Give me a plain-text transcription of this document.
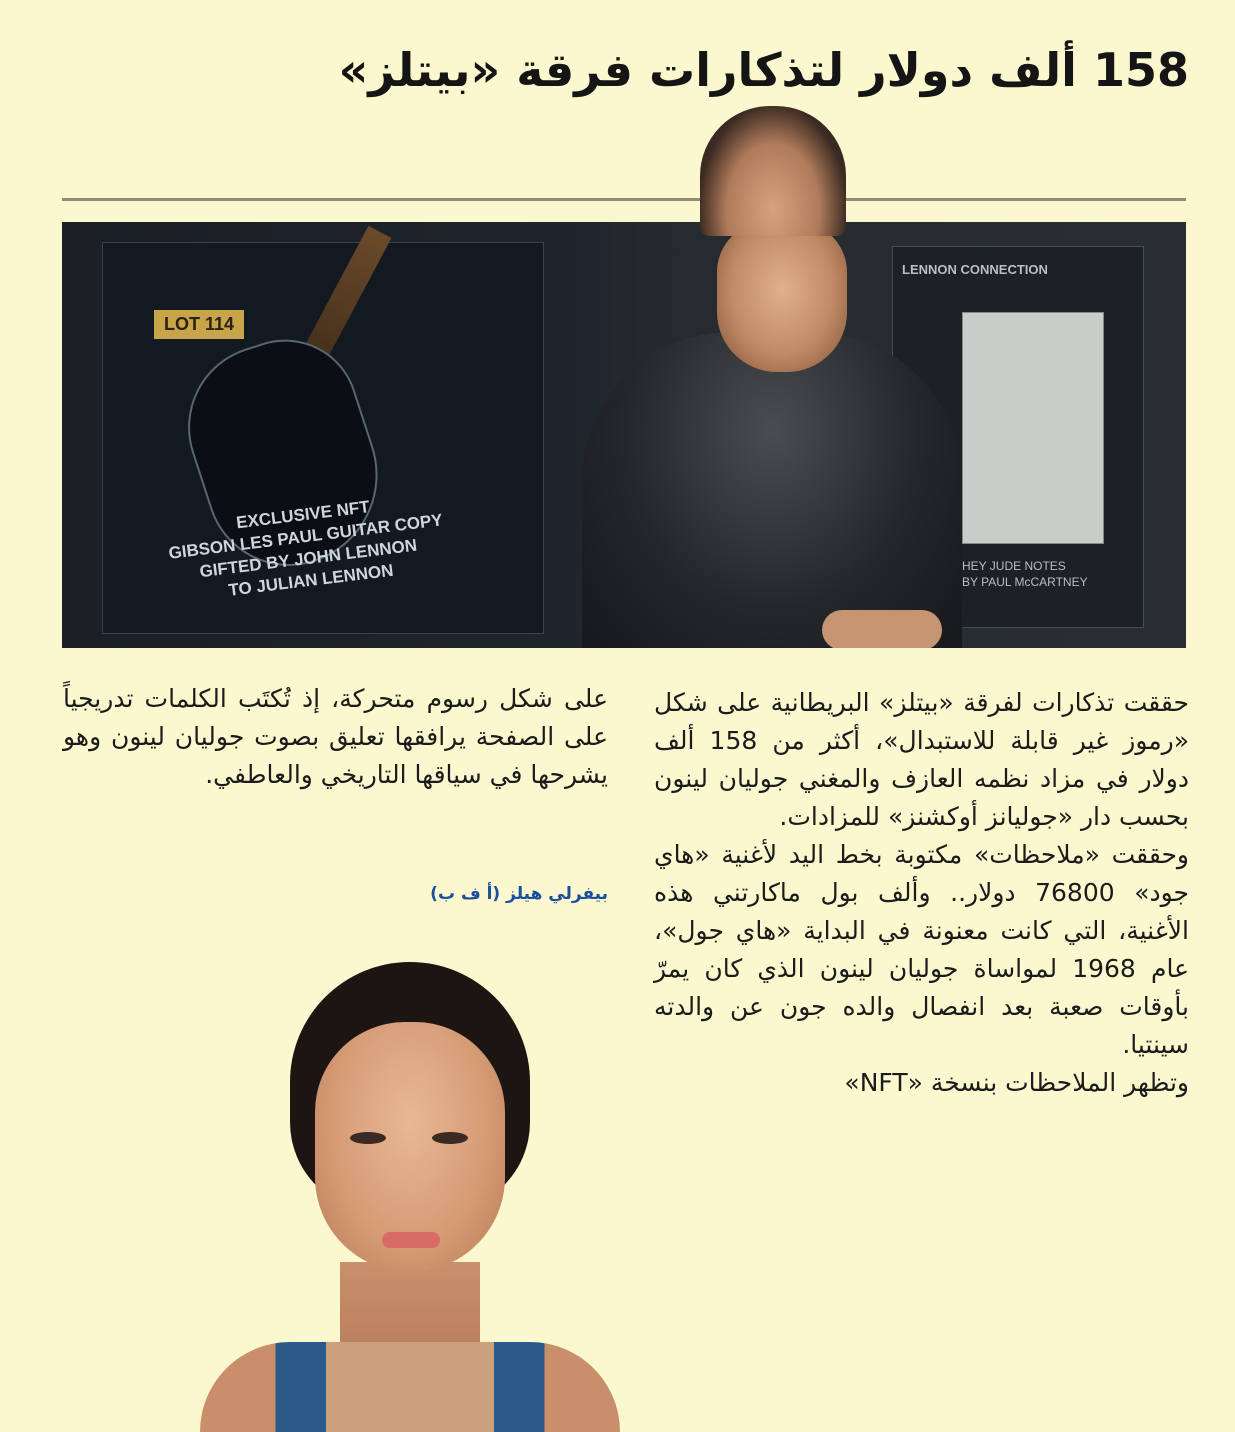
158 ألف دولار لتذكارات فرقة «بيتلز»
LOT 114
EXCLUSIVE NFT
GIBSON LES PAUL GUITAR COPY
GIFTED BY JOHN LENNON
TO JULIAN LENNON
LENNON CONNECTION
HEY JUDE NOTES
BY PAUL McCARTNEY

حققت تذكارات لفرقة «بيتلز» البريطانية على شكل «رموز غير قابلة للاستبدال»، أكثر من 158 ألف دولار في مزاد نظمه العازف والمغني جوليان لينون بحسب دار «جوليانز أوكشنز» للمزادات.
وحققت «ملاحظات» مكتوبة بخط اليد لأغنية «هاي جود» 76800 دولار.. وألف بول ماكارتني هذه الأغنية، التي كانت معنونة في البداية «هاي جول»، عام 1968 لمواساة جوليان لينون الذي كان يمرّ بأوقات صعبة بعد انفصال والده جون عن والدته سينتيا.
وتظهر الملاحظات بنسخة «NFT»

على شكل رسوم متحركة، إذ تُكتَب الكلمات تدريجياً على الصفحة يرافقها تعليق بصوت جوليان لينون وهو يشرحها في سياقها التاريخي والعاطفي.

بيفرلي هيلز (أ ف ب)
